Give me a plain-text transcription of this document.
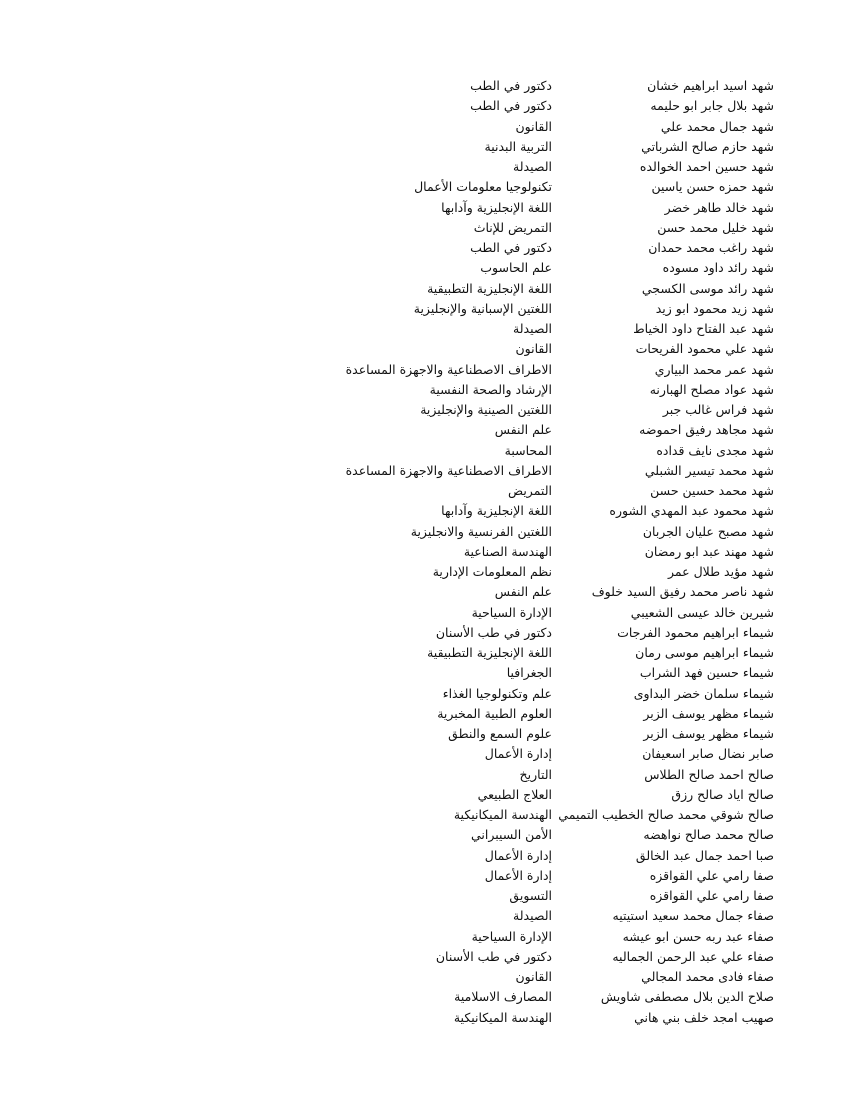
شهد اسيد ابراهيم خشان
دكتور في الطب
شهد بلال جابر ابو حليمه
دكتور في الطب
شهد جمال محمد علي
القانون
شهد حازم صالح الشرباتي
التربية البدنية
شهد حسين احمد الخوالده
الصيدلة
شهد حمزه حسن ياسين
تكنولوجيا معلومات الأعمال
شهد خالد طاهر خضر
اللغة الإنجليزية وآدابها
شهد خليل محمد حسن
التمريض للإناث
شهد راغب محمد حمدان
دكتور في الطب
شهد رائد داود مسوده
علم الحاسوب
شهد رائد موسى الكسجي
اللغة الإنجليزية التطبيقية
شهد زيد محمود ابو زيد
اللغتين الإسبانية والإنجليزية
شهد عبد الفتاح داود الخياط
الصيدلة
شهد علي محمود الفريحات
القانون
شهد عمر محمد البياري
الاطراف الاصطناعية والاجهزة المساعدة
شهد عواد مصلح الهبارنه
الإرشاد والصحة النفسية
شهد فراس غالب جبر
اللغتين الصينية والإنجليزية
شهد مجاهد رفيق احموضه
علم النفس
شهد مجدى نايف قداده
المحاسبة
شهد محمد تيسير الشبلي
الاطراف الاصطناعية والاجهزة المساعدة
شهد محمد حسين حسن
التمريض
شهد محمود عبد المهدي الشوره
اللغة الإنجليزية وآدابها
شهد مصبح عليان الجربان
اللغتين الفرنسية والانجليزية
شهد مهند عبد ابو رمضان
الهندسة الصناعية
شهد مؤيد طلال عمر
نظم المعلومات الإدارية
شهد ناصر محمد رفيق السيد خلوف
علم النفس
شيرين خالد عيسى الشعيبي
الإدارة السياحية
شيماء ابراهيم محمود الفرجات
دكتور في طب الأسنان
شيماء ابراهيم موسى رمان
اللغة الإنجليزية التطبيقية
شيماء حسين فهد الشراب
الجغرافيا
شيماء سلمان خضر البداوى
علم وتكنولوجيا الغذاء
شيماء مظهر يوسف الزبر
العلوم الطبية المخبرية
شيماء مظهر يوسف الزبر
علوم السمع والنطق
صابر نضال صابر اسعيفان
إدارة الأعمال
صالح احمد صالح الطلاس
التاريخ
صالح اياد صالح رزق
العلاج الطبيعي
صالح شوقي محمد صالح الخطيب التميمي
الهندسة الميكانيكية
صالح محمد صالح نواهضه
الأمن السيبراني
صبا احمد جمال عبد الخالق
إدارة الأعمال
صفا رامي علي القواقزه
إدارة الأعمال
صفا رامي علي القواقزه
التسويق
صفاء جمال محمد سعيد استيتيه
الصيدلة
صفاء عبد ربه حسن ابو عيشه
الإدارة السياحية
صفاء علي عبد الرحمن الجماليه
دكتور في طب الأسنان
صفاء فادى محمد المجالي
القانون
صلاح الدين بلال مصطفى شاويش
المصارف الاسلامية
صهيب امجد خلف بني هاني
الهندسة الميكانيكية
